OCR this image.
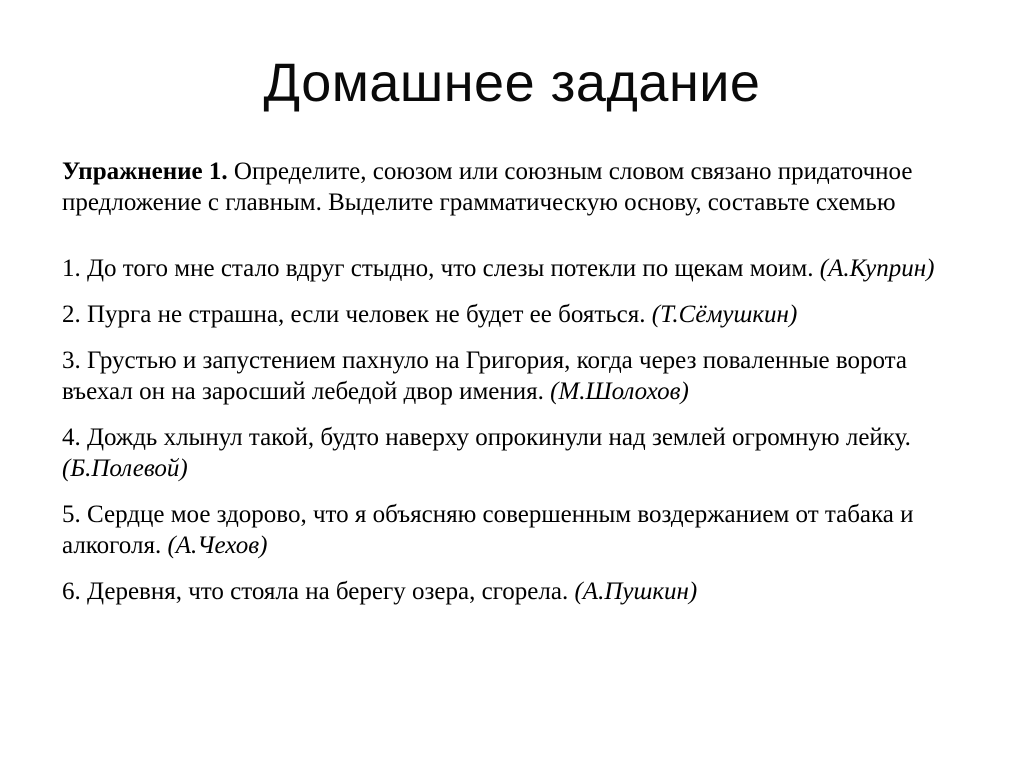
Домашнее задание

Упражнение 1. Определите, союзом или союзным словом связано придаточное предложение с главным. Выделите грамматическую основу, составьте схемью

1. До того мне стало вдруг стыдно, что слезы потекли по щекам моим. (А.Куприн)
2. Пурга не страшна, если человек не будет ее бояться. (Т.Сёмушкин)
3. Грустью и запустением пахнуло на Григория, когда через поваленные ворота въехал он на заросший лебедой двор имения. (М.Шолохов)
4. Дождь хлынул такой, будто наверху опрокинули над землей огромную лейку. (Б.Полевой)
5. Сердце мое здорово, что я объясняю совершенным воздержанием от табака и алкоголя. (А.Чехов)
6. Деревня, что стояла на берегу озера, сгорела. (А.Пушкин)
